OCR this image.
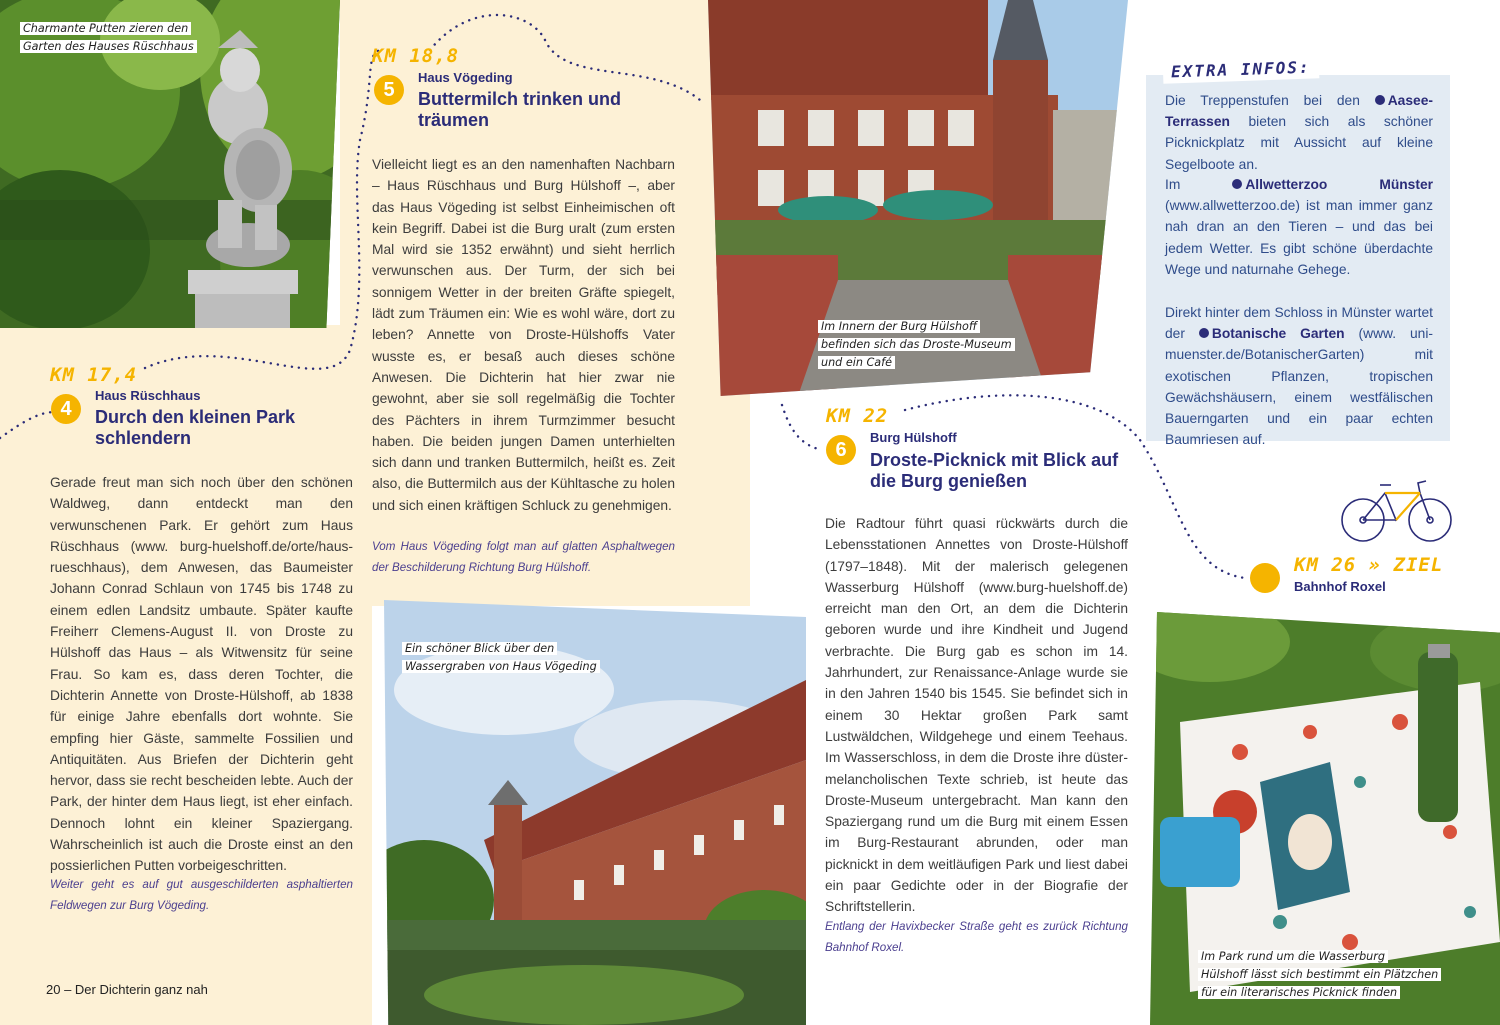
Charmante Putten zieren den
Garten des Hauses Rüschhaus
Im Innern der Burg Hülshoff
befinden sich das Droste-Museum
und ein Café
Ein schöner Blick über den
Wassergraben von Haus Vögeding
Im Park rund um die Wasserburg
Hülshoff lässt sich bestimmt ein Plätzchen
für ein literarisches Picknick finden
KM 17,4
4
Haus Rüschhaus
Durch den kleinen Park
schlendern
Gerade freut man sich noch über den schönen Waldweg, dann entdeckt man den verwunschenen Park. Er gehört zum Haus Rüschhaus (www. burg-huelshoff.de/orte/haus-rueschhaus), dem Anwesen, das Baumeister Johann Conrad Schlaun von 1745 bis 1748 zu einem edlen Landsitz umbaute. Später kaufte Freiherr Clemens-August II. von Droste zu Hülshoff das Haus – als Witwensitz für seine Frau. So kam es, dass deren Tochter, die Dichterin Annette von Droste-Hülshoff, ab 1838 für einige Jahre ebenfalls dort wohnte. Sie empfing hier Gäste, sammelte Fossilien und Antiquitäten. Aus Briefen der Dichterin geht hervor, dass sie recht bescheiden lebte. Auch der Park, der hinter dem Haus liegt, ist eher einfach. Dennoch lohnt ein kleiner Spaziergang. Wahrscheinlich ist auch die Droste einst an den possierlichen Putten vorbeigeschritten.
Weiter geht es auf gut ausgeschilderten asphaltierten Feldwegen zur Burg Vögeding.
KM 18,8
5
Haus Vögeding
Buttermilch trinken und
träumen
Vielleicht liegt es an den namenhaften Nachbarn – Haus Rüschhaus und Burg Hülshoff –, aber das Haus Vögeding ist selbst Einheimischen oft kein Begriff. Dabei ist die Burg uralt (zum ersten Mal wird sie 1352 erwähnt) und sieht herrlich verwunschen aus. Der Turm, der sich bei sonnigem Wetter in der breiten Gräfte spiegelt, lädt zum Träumen ein: Wie es wohl wäre, dort zu leben? Annette von Droste-Hülshoffs Vater wusste es, er besaß auch dieses schöne Anwesen. Die Dichterin hat hier zwar nie gewohnt, aber sie soll regelmäßig die Tochter des Pächters in ihrem Turmzimmer besucht haben. Die beiden jungen Damen unterhielten sich dann und tranken Buttermilch, heißt es. Zeit also, die Buttermilch aus der Kühltasche zu holen und sich einen kräftigen Schluck zu genehmigen.
Vom Haus Vögeding folgt man auf glatten Asphaltwegen der Beschilderung Richtung Burg Hülshoff.
KM 22
6
Burg Hülshoff
Droste-Picknick mit Blick auf
die Burg genießen
Die Radtour führt quasi rückwärts durch die Lebensstationen Annettes von Droste-Hülshoff (1797–1848). Mit der malerisch gelegenen Wasserburg Hülshoff (www.burg-huelshoff.de) erreicht man den Ort, an dem die Dichterin geboren wurde und ihre Kindheit und Jugend verbrachte. Die Burg gab es schon im 14. Jahrhundert, zur Renaissance-Anlage wurde sie in den Jahren 1540 bis 1545. Sie befindet sich in einem 30 Hektar großen Park samt Lustwäldchen, Wildgehege und einem Teehaus. Im Wasserschloss, in dem die Droste ihre düster-melancholischen Texte schrieb, ist heute das Droste-Museum untergebracht. Man kann den Spaziergang rund um die Burg mit einem Essen im Burg-Restaurant abrunden, oder man picknickt in dem weitläufigen Park und liest dabei ein paar Gedichte oder in der Biografie der Schriftstellerin.
Entlang der Havixbecker Straße geht es zurück Richtung Bahnhof Roxel.
EXTRA INFOS:
Die Treppenstufen bei den Aasee-Terrassen bieten sich als schöner Picknickplatz mit Aussicht auf kleine Segelboote an.
Im	Allwetterzoo Münster (www.allwetterzoo.de) ist man immer ganz nah dran an den Tieren – und das bei jedem Wetter. Es gibt schöne überdachte Wege und naturnahe Gehege.
Direkt hinter dem Schloss in Münster wartet der Botanische Garten (www. uni-muenster.de/BotanischerGarten) mit exotischen Pflanzen, tropischen Gewächshäusern, einem westfälischen Bauerngarten und ein paar echten Baumriesen auf.
KM 26 » ZIEL
Bahnhof Roxel
20 – Der Dichterin ganz nah
